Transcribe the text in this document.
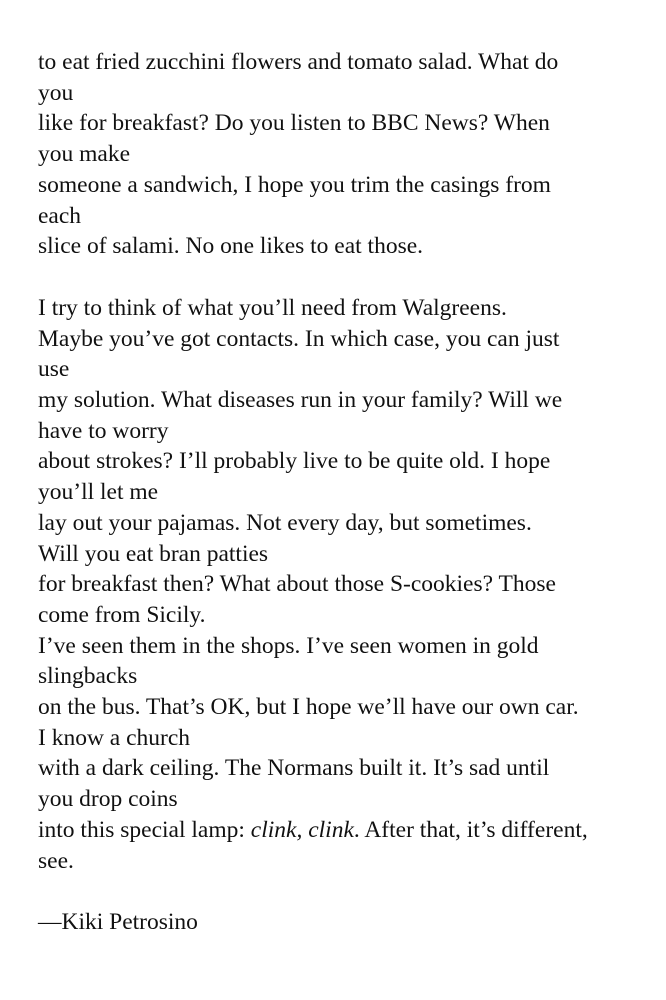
to eat fried zucchini flowers and tomato salad. What do
you
like for breakfast? Do you listen to BBC News? When
you make
someone a sandwich, I hope you trim the casings from
each
slice of salami. No one likes to eat those.
I try to think of what you’ll need from Walgreens.
Maybe you’ve got contacts. In which case, you can just
use
my solution. What diseases run in your family? Will we
have to worry
about strokes? I’ll probably live to be quite old. I hope
you’ll let me
lay out your pajamas. Not every day, but sometimes.
Will you eat bran patties
for breakfast then? What about those S-cookies? Those
come from Sicily.
I’ve seen them in the shops. I’ve seen women in gold
slingbacks
on the bus. That’s OK, but I hope we’ll have our own car.
I know a church
with a dark ceiling. The Normans built it. It’s sad until
you drop coins
into this special lamp: clink, clink. After that, it’s different,
see.
—Kiki Petrosino
